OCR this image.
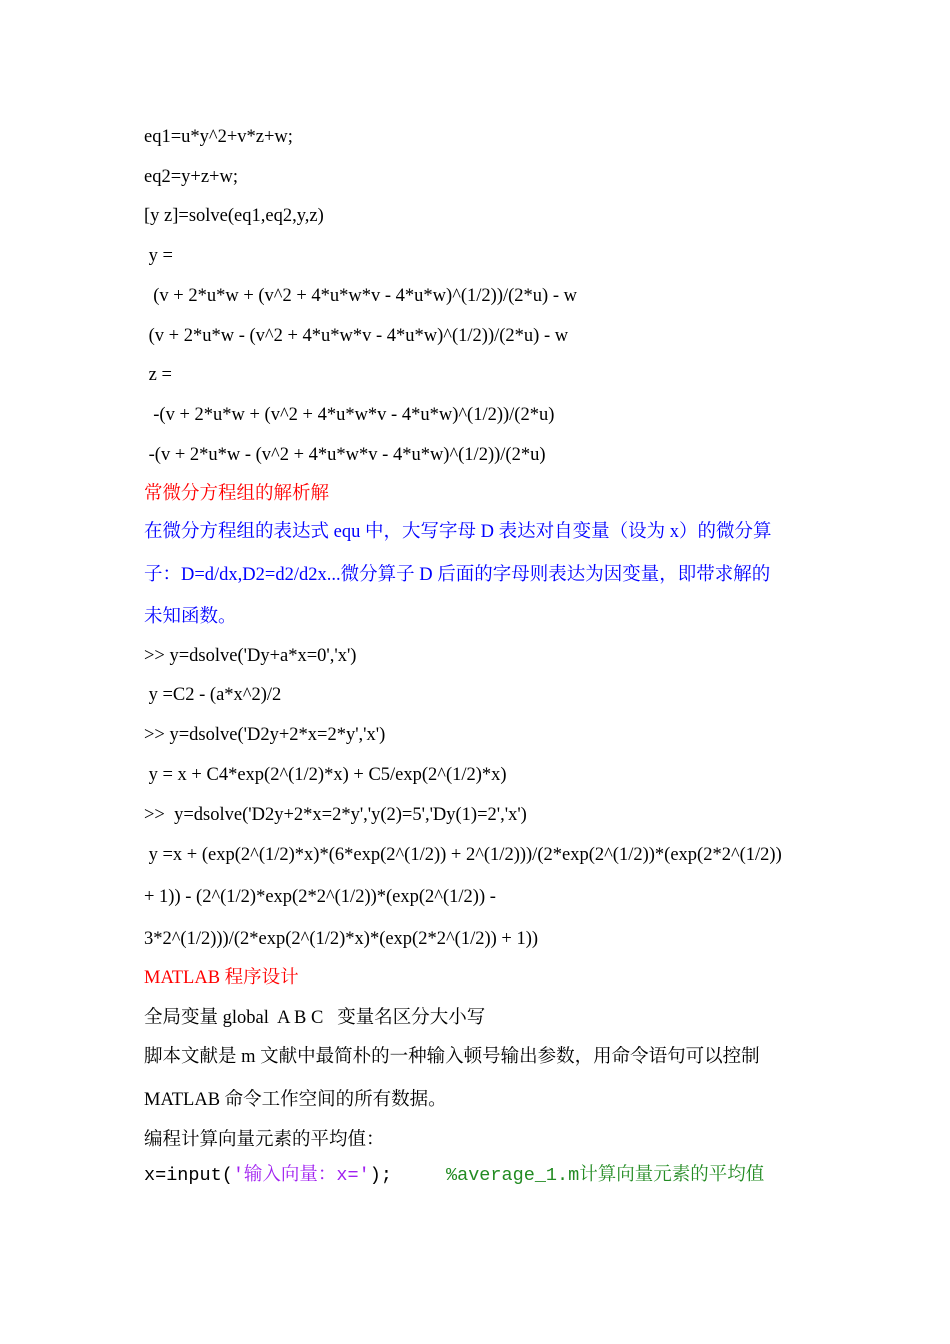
eq1=u*y^2+v*z+w;
eq2=y+z+w;
[y z]=solve(eq1,eq2,y,z)
y =
(v + 2*u*w + (v^2 + 4*u*w*v - 4*u*w)^(1/2))/(2*u) - w
(v + 2*u*w - (v^2 + 4*u*w*v - 4*u*w)^(1/2))/(2*u) - w
z =
-(v + 2*u*w + (v^2 + 4*u*w*v - 4*u*w)^(1/2))/(2*u)
-(v + 2*u*w - (v^2 + 4*u*w*v - 4*u*w)^(1/2))/(2*u)
常微分方程组的解析解
在微分方程组的表达式 equ 中，大写字母 D 表达对自变量（设为 x）的微分算
子：D=d/dx,D2=d2/d2x...微分算子 D 后面的字母则表达为因变量，即带求解的
未知函数。
>> y=dsolve('Dy+a*x=0','x')
y =C2 - (a*x^2)/2
>> y=dsolve('D2y+2*x=2*y','x')
y = x + C4*exp(2^(1/2)*x) + C5/exp(2^(1/2)*x)
>>  y=dsolve('D2y+2*x=2*y','y(2)=5','Dy(1)=2','x')
y =x + (exp(2^(1/2)*x)*(6*exp(2^(1/2)) + 2^(1/2)))/(2*exp(2^(1/2))*(exp(2*2^(1/2))
+ 1)) - (2^(1/2)*exp(2*2^(1/2))*(exp(2^(1/2)) -
3*2^(1/2)))/(2*exp(2^(1/2)*x)*(exp(2*2^(1/2)) + 1))
MATLAB 程序设计
全局变量 global  A B C   变量名区分大小写
脚本文献是 m 文献中最简朴的一种输入顿号输出参数，用命令语句可以控制
MATLAB 命令工作空间的所有数据。
编程计算向量元素的平均值：
x=input('输入向量：x=');	%average_1.m计算向量元素的平均值
